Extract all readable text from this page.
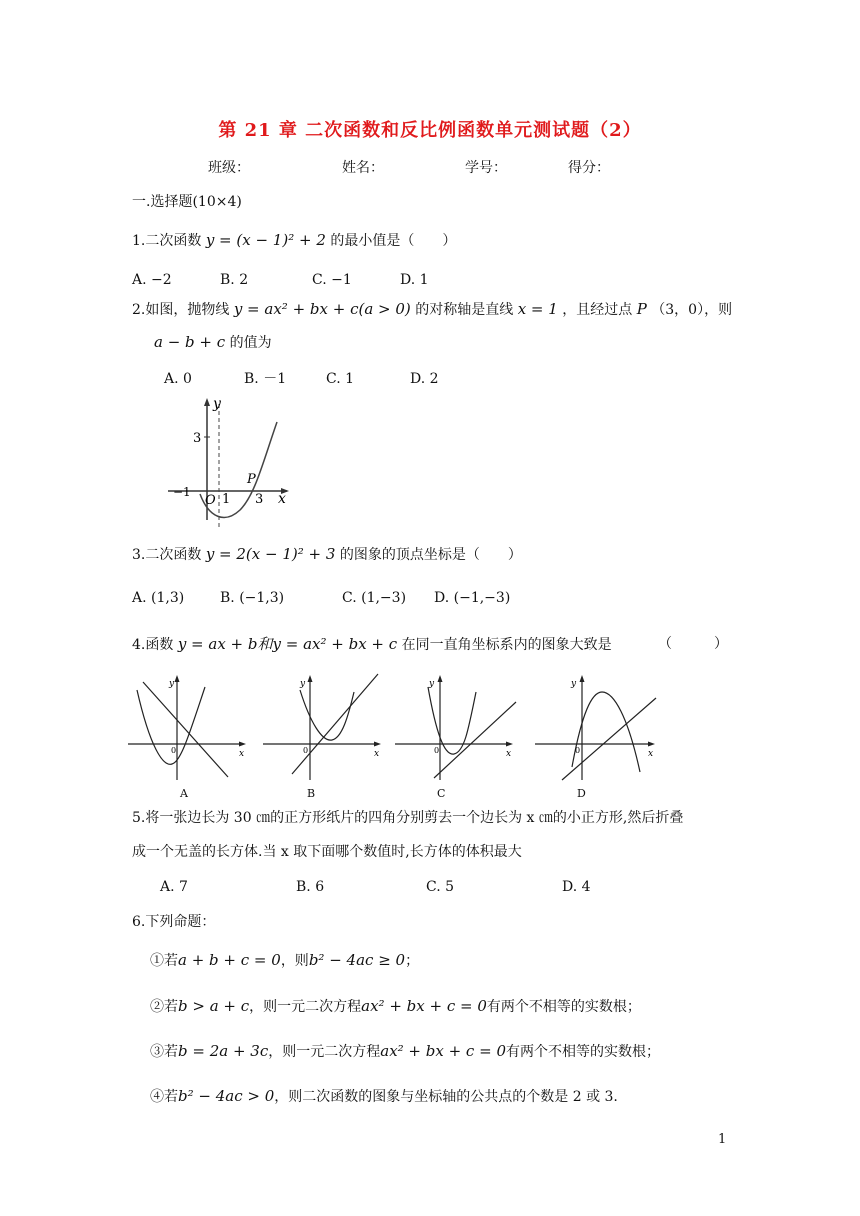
第 21 章 二次函数和反比例函数单元测试题（2）
班级：	姓名：	学号：	得分：
一.选择题(10×4)
1.二次函数 y = (x − 1)² + 2 的最小值是（　　）
A. −2	B. 2	C. −1	D. 1
2.如图，抛物线 y = ax² + bx + c(a > 0) 的对称轴是直线 x = 1 ，且经过点 P （3，0），则
a − b + c 的值为
A. 0	B. －1	C. 1	D. 2
y
3
−1
O 1
P
3 x
3.二次函数 y = 2(x − 1)² + 3 的图象的顶点坐标是（　　）
A. (1,3)	B. (−1,3)	C. (1,−3) D. (−1,−3)
4.函数 y = ax + b和y = ax² + bx + c 在同一直角坐标系内的图象大致是	（　　　）
y
x
0
A
y
x
0
B
y
x
0
C
y
x
0
D
5.将一张边长为 30 ㎝的正方形纸片的四角分别剪去一个边长为 x ㎝的小正方形,然后折叠
成一个无盖的长方体.当 x 取下面哪个数值时,长方体的体积最大
A. 7	B. 6	C. 5	D. 4
6.下列命题：
①若a + b + c = 0，则b² − 4ac ≥ 0；
②若b > a + c，则一元二次方程ax² + bx + c = 0有两个不相等的实数根；
③若b = 2a + 3c，则一元二次方程ax² + bx + c = 0有两个不相等的实数根；
④若b² − 4ac > 0，则二次函数的图象与坐标轴的公共点的个数是 2 或 3.
1
